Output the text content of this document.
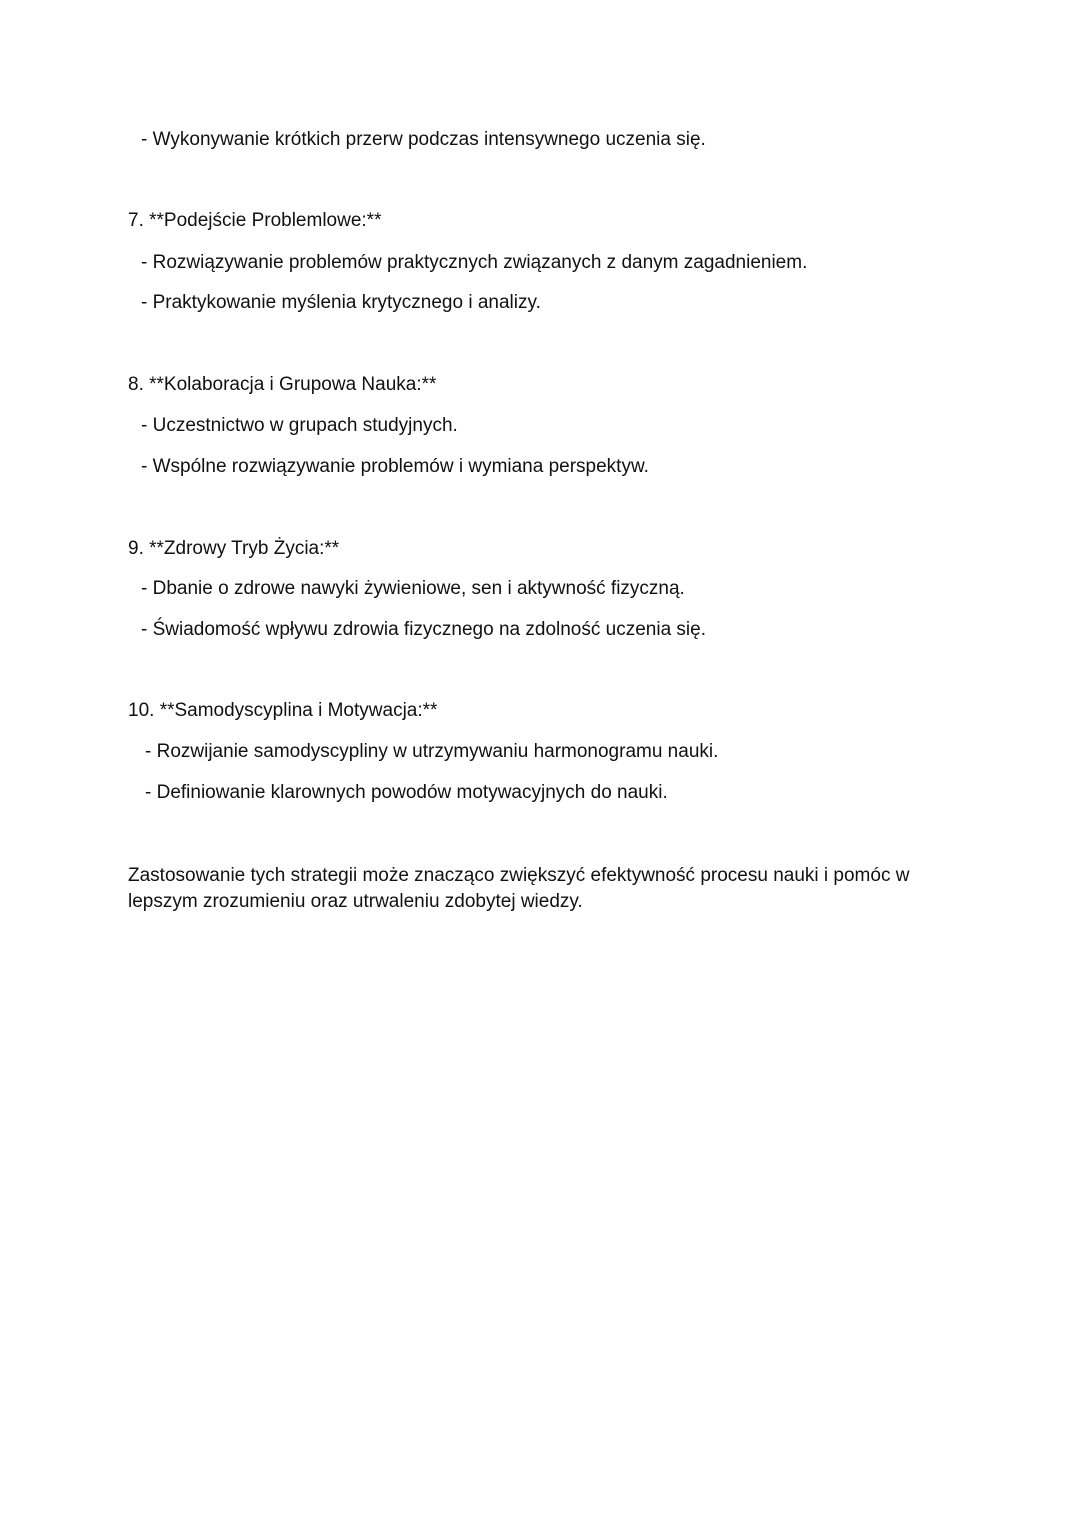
- Wykonywanie krótkich przerw podczas intensywnego uczenia się.
7. **Podejście Problemlowe:**
- Rozwiązywanie problemów praktycznych związanych z danym zagadnieniem.
- Praktykowanie myślenia krytycznego i analizy.
8. **Kolaboracja i Grupowa Nauka:**
- Uczestnictwo w grupach studyjnych.
- Wspólne rozwiązywanie problemów i wymiana perspektyw.
9. **Zdrowy Tryb Życia:**
- Dbanie o zdrowe nawyki żywieniowe, sen i aktywność fizyczną.
- Świadomość wpływu zdrowia fizycznego na zdolność uczenia się.
10. **Samodyscyplina i Motywacja:**
- Rozwijanie samodyscypliny w utrzymywaniu harmonogramu nauki.
- Definiowanie klarownych powodów motywacyjnych do nauki.
Zastosowanie tych strategii może znacząco zwiększyć efektywność procesu nauki i pomóc w lepszym zrozumieniu oraz utrwaleniu zdobytej wiedzy.
